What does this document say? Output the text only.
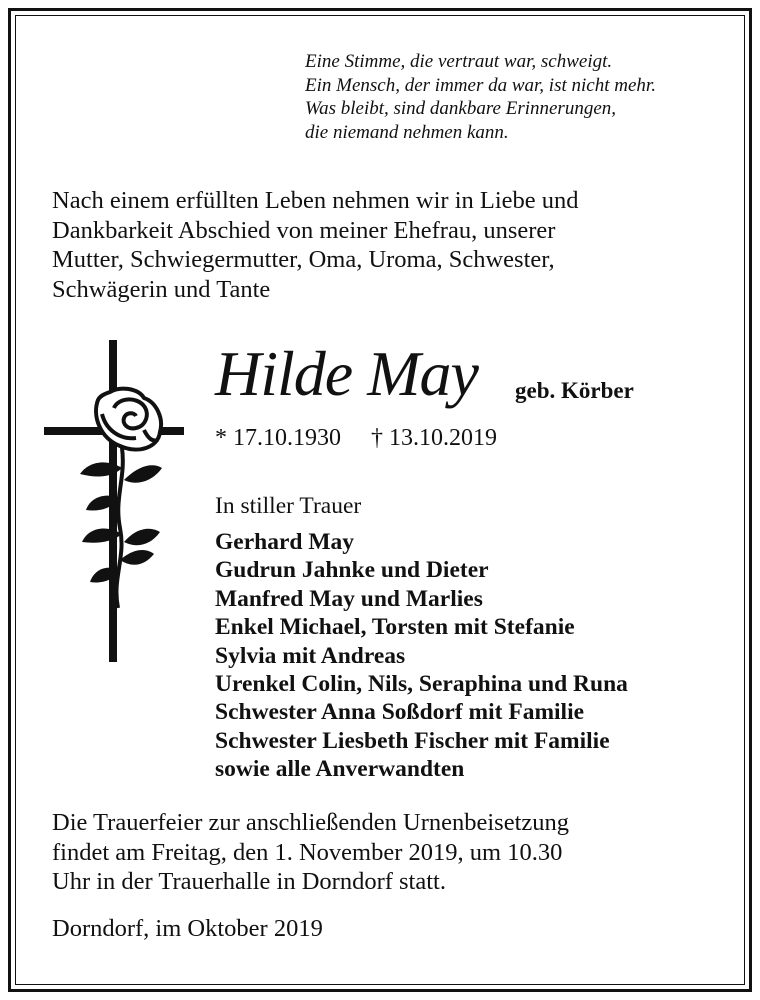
Eine Stimme, die vertraut war, schweigt.
Ein Mensch, der immer da war, ist nicht mehr.
Was bleibt, sind dankbare Erinnerungen,
die niemand nehmen kann.
Nach einem erfüllten Leben nehmen wir in Liebe und
Dankbarkeit Abschied von meiner Ehefrau, unserer
Mutter, Schwiegermutter, Oma, Uroma, Schwester,
Schwägerin und Tante
Hilde May geb. Körber
* 17.10.1930 † 13.10.2019
In stiller Trauer
Gerhard May
Gudrun Jahnke und Dieter
Manfred May und Marlies
Enkel Michael, Torsten mit Stefanie
Sylvia mit Andreas
Urenkel Colin, Nils, Seraphina und Runa
Schwester Anna Soßdorf mit Familie
Schwester Liesbeth Fischer mit Familie
sowie alle Anverwandten
Die Trauerfeier zur anschließenden Urnenbeisetzung
findet am Freitag, den 1. November 2019, um 10.30
Uhr in der Trauerhalle in Dorndorf statt.
Dorndorf, im Oktober 2019
